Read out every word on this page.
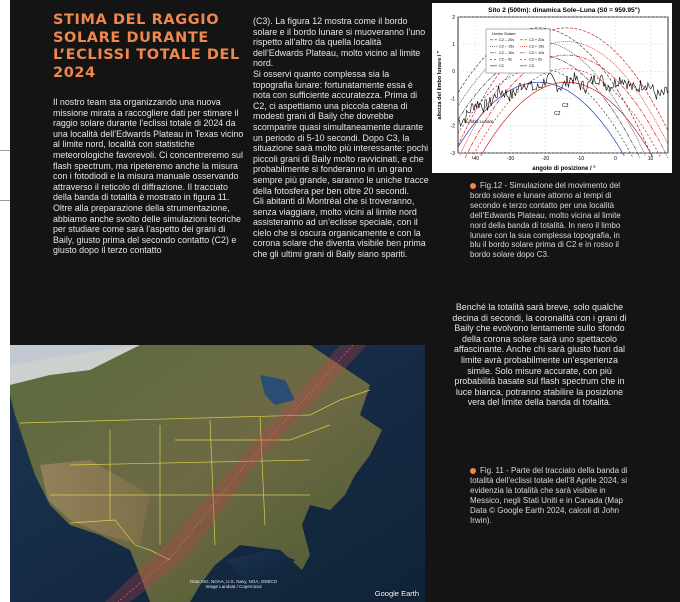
STIMA DEL RAGGIO SOLARE DURANTE L’ECLISSI TOTALE DEL 2024

Il nostro team sta organizzando una nuova missione mirata a raccogliere dati per stimare il raggio solare durante l’eclissi totale di 2024 da una località dell’Edwards Plateau in Texas vicino al limite nord, località con statistiche meteorologiche favorevoli. Ci concentreremo sul flash spectrum, ma ripeteremo anche la misura con i fotodiodi e la misura manuale osservando attraverso il reticolo di diffrazione. Il tracciato della banda di totalità è mostrato in figura 11.

Oltre alla preparazione della strumentazione, abbiamo anche svolto delle simulazioni teoriche per studiare come sarà l’aspetto dei grani di Baily, giusto prima del secondo contatto (C2) e giusto dopo il terzo contatto

(C3). La figura 12 mostra come il bordo solare e il bordo lunare si muoveranno l’uno rispetto all’altro da quella località dell’Edwards Plateau, molto vicino al limite nord.

Si osservi quanto complessa sia la topografia lunare: fortunatamente essa è nota con sufficiente accuratezza. Prima di C2, ci aspettiamo una piccola catena di modesti grani di Baily che dovrebbe scomparire quasi simultaneamente durante un periodo di 5-10 secondi. Dopo C3, la situazione sarà molto più interessante: pochi piccoli grani di Baily molto ravvicinati, e che probabilmente si fonderanno in un grano sempre più grande, saranno le uniche tracce della fotosfera per ben oltre 20 secondi.

Gli abitanti di Montréal che si troveranno, senza viaggiare, molto vicini al limite nord assisteranno ad un’eclisse speciale, con il cielo che si oscura organicamente e con la corona solare che diventa visibile ben prima che gli ultimi grani di Baily siano spariti.

Limbo Solare
C2 – 20s
C2 – 15s
C2 – 10s
C2 – 5s
C2
C3 + 20s
C3 + 15s
C3 + 10s
C3 + 5s
C3
Sito 2 (500m): dinamica Sole–Luna (S0 = 959.95")
angolo di posizione / °
altezza del limbo lunare / "
Limbo Lunare
C2
C3
-40	-30	-20	-10	0	10
2
1
0
-1
-2
-3
Fig.12 - Simulazione del movimento del bordo solare e lunare attorno ai tempi di secondo e terzo contatto per una località dell’Edwards Plateau, molto vicina al limite nord della banda di totalità. In nero il limbo lunare con la sua complessa topografia, in blu il bordo solare prima di C2 e in rosso il bordo solare dopo C3.

Benché la totalità sarà breve, solo qualche decina di secondi, la coronalità con i grani di Baily che evolvono lentamente sullo sfondo della corona solare sarà uno spettacolo affascinante. Anche chi sarà giusto fuori dal limite avrà probabilmente un’esperienza simile. Solo misure accurate, con più probabilità basate sul flash spectrum che in luce bianca, potranno stabilire la posizione vera del limite della banda di totalità.

Fig. 11 - Parte del tracciato della banda di totalità dell’eclissi totale dell’8 Aprile 2024, si evidenzia la totalità che sarà visibile in Messico, negli Stati Uniti e in Canada (Map Data © Google Earth 2024, calcoli di John Irwin).
Data SIO, NOAA, U.S. Navy, NGA, GEBCO
Image Landsat / Copernicus
Google Earth
